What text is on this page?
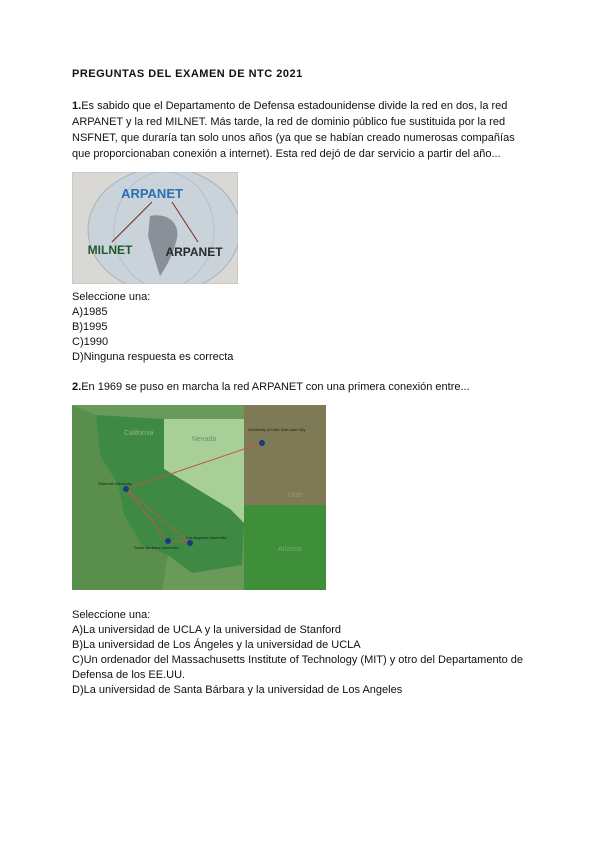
PREGUNTAS DEL EXAMEN DE NTC 2021

1.Es sabido que el Departamento de Defensa estadounidense divide la red en dos, la red ARPANET y la red MILNET. Más tarde, la red de dominio público fue sustituida por la red NSFNET, que duraría tan solo unos años (ya que se habían creado numerosas compañías que proporcionaban conexión a internet). Esta red dejó de dar servicio a partir del año...

ARPANET
MILNET	ARPANET

Seleccione una:

A)1985

B)1995

C)1990

D)Ninguna respuesta es correcta

2.En 1969 se puso en marcha la red ARPANET con una primera conexión entre...

California
Nevada
Utah
Arizona
University of Utah Salt Lake City
Stanford University
Santa Barbara University
Los Angeles University

Seleccione una:

A)La universidad de UCLA y la universidad de Stanford

B)La universidad de Los Ángeles y la universidad de UCLA

C)Un ordenador del Massachusetts Institute of Technology (MIT) y otro del Departamento de Defensa de los EE.UU.

D)La universidad de Santa Bárbara y la universidad de Los Angeles
